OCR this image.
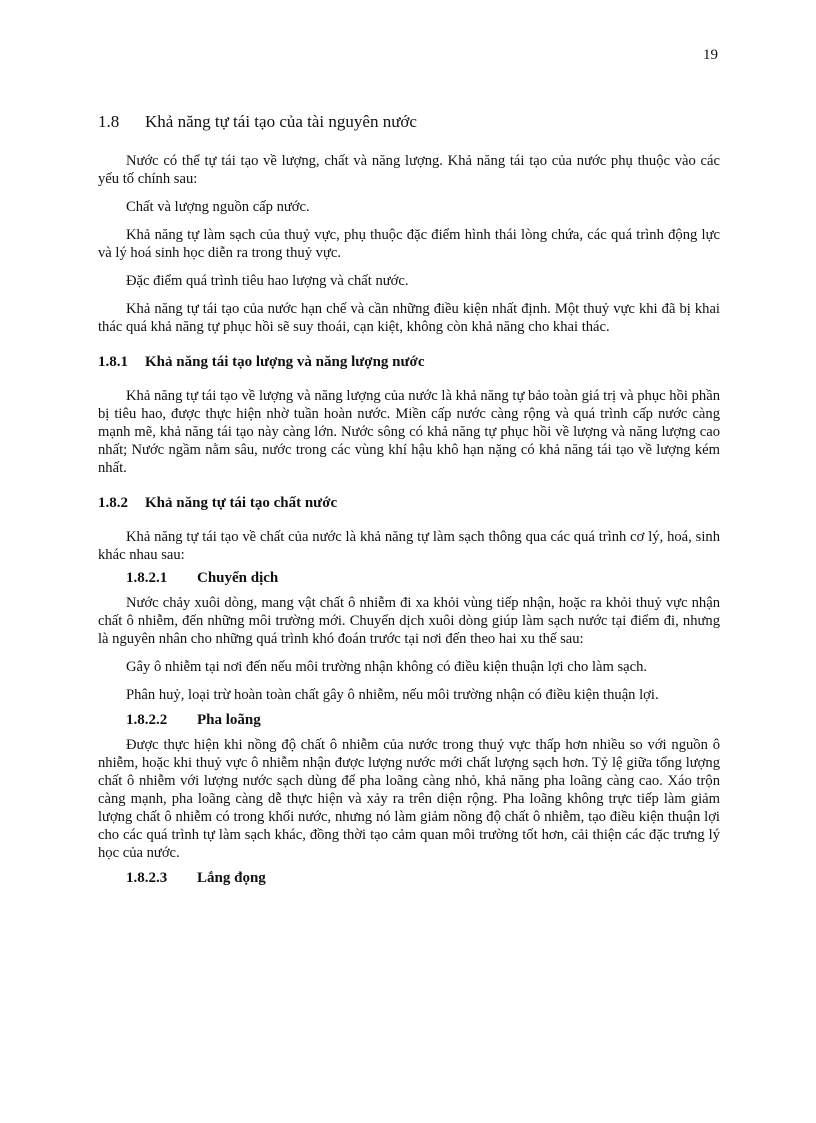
19
1.8	Khả năng tự tái tạo của tài nguyên nước

Nước có thể tự tái tạo về lượng, chất và năng lượng. Khả năng tái tạo của nước phụ thuộc vào các yếu tố chính sau:

Chất và lượng nguồn cấp nước.

Khả năng tự làm sạch của thuỷ vực, phụ thuộc đặc điểm hình thái lòng chứa, các quá trình động lực và lý hoá sinh học diễn ra trong thuỷ vực.

Đặc điểm quá trình tiêu hao lượng và chất nước.

Khả năng tự tái tạo của nước hạn chế và cần những điều kiện nhất định. Một thuỷ vực khi đã bị khai thác quá khả năng tự phục hồi sẽ suy thoái, cạn kiệt, không còn khả năng cho khai thác.

1.8.1	Khả năng tái tạo lượng và năng lượng nước

Khả năng tự tái tạo về lượng và năng lượng của nước là khả năng tự bảo toàn giá trị và phục hồi phần bị tiêu hao, được thực hiện nhờ tuần hoàn nước. Miền cấp nước càng rộng và quá trình cấp nước càng mạnh mẽ, khả năng tái tạo này càng lớn. Nước sông có khả năng tự phục hồi về lượng và năng lượng cao nhất; Nước ngầm nằm sâu, nước trong các vùng khí hậu khô hạn nặng có khả năng tái tạo về lượng kém nhất.

1.8.2	Khả năng tự tái tạo chất nước

Khả năng tự tái tạo về chất của nước là khả năng tự làm sạch thông qua các quá trình cơ lý, hoá, sinh khác nhau sau:

1.8.2.1	Chuyển dịch

Nước chảy xuôi dòng, mang vật chất ô nhiễm đi xa khỏi vùng tiếp nhận, hoặc ra khỏi thuỷ vực nhận chất ô nhiễm, đến những môi trường mới. Chuyển dịch xuôi dòng giúp làm sạch nước tại điểm đi, nhưng là nguyên nhân cho những quá trình khó đoán trước tại nơi đến theo hai xu thế sau:

Gây ô nhiễm tại nơi đến nếu môi trường nhận không có điều kiện thuận lợi cho làm sạch.

Phân huỷ, loại trừ hoàn toàn chất gây ô nhiễm, nếu môi trường nhận có điều kiện thuận lợi.

1.8.2.2	Pha loãng

Được thực hiện khi nồng độ chất ô nhiễm của nước trong thuỷ vực thấp hơn nhiều so với nguồn ô nhiễm, hoặc khi thuỷ vực ô nhiễm nhận được lượng nước mới chất lượng sạch hơn. Tỷ lệ giữa tổng lượng chất ô nhiễm với lượng nước sạch dùng để pha loãng càng nhỏ, khả năng pha loãng càng cao. Xáo trộn càng mạnh, pha loãng càng dễ thực hiện và xảy ra trên diện rộng. Pha loãng không trực tiếp làm giảm lượng chất ô nhiễm có trong khối nước, nhưng nó làm giảm nồng độ chất ô nhiễm, tạo điều kiện thuận lợi cho các quá trình tự làm sạch khác, đồng thời tạo cảm quan môi trường tốt hơn, cải thiện các đặc trưng lý học của nước.

1.8.2.3	Lắng đọng
